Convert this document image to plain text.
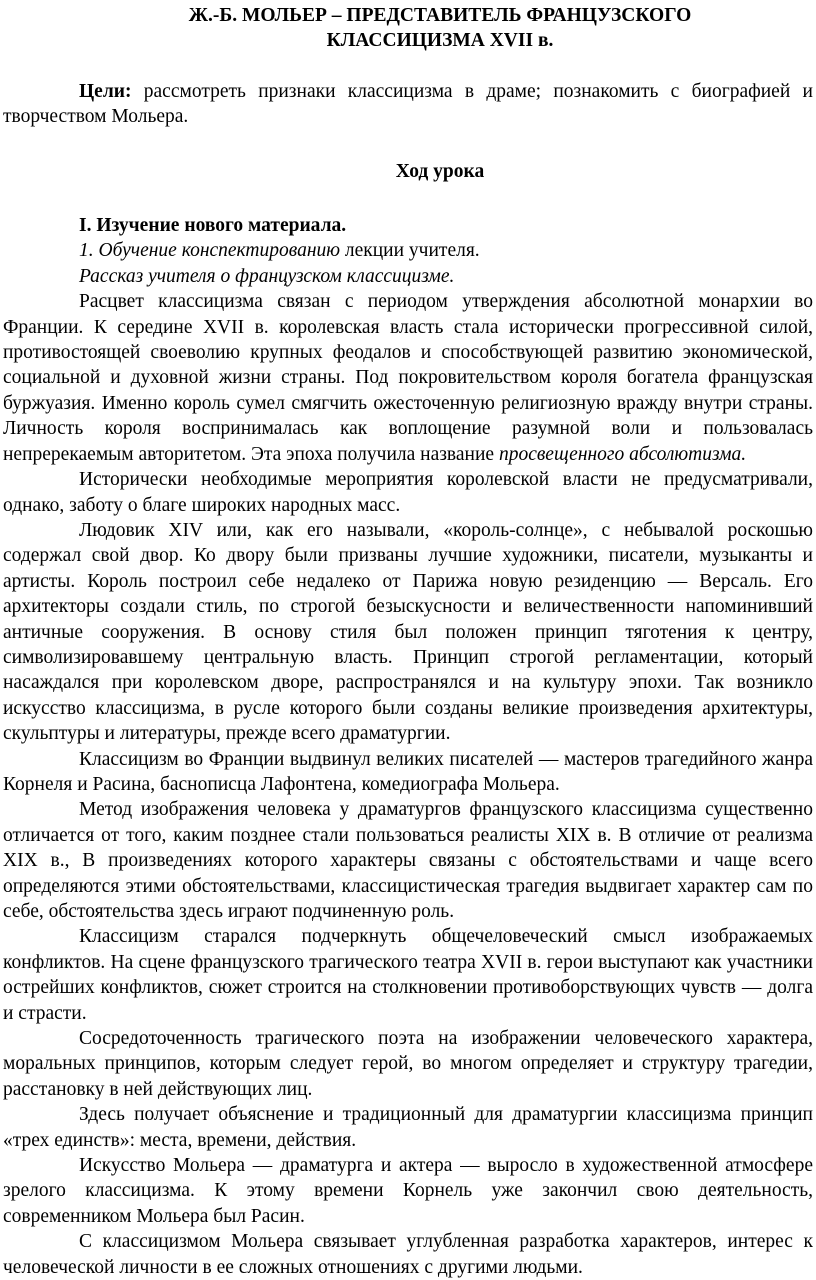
Ж.-Б. МОЛЬЕР – ПРЕДСТАВИТЕЛЬ ФРАНЦУЗСКОГО
КЛАССИЦИЗМА XVII в.

Цели: рассмотреть признаки классицизма в драме; познакомить с биографией и творчеством Мольера.

Ход урока

I. Изучение нового материала.

1. Обучение конспектированию лекции учителя.

Рассказ учителя о французском классицизме.

Расцвет классицизма связан с периодом утверждения абсолютной монархии во Франции. К середине XVII в. королевская власть стала исторически прогрессивной силой, противостоящей своеволию крупных феодалов и способствующей развитию экономической, социальной и духовной жизни страны. Под покровительством короля богатела французская буржуазия. Именно король сумел смягчить ожесточенную религиозную вражду внутри страны. Личность короля воспринималась как воплощение разумной воли и пользовалась непререкаемым авторитетом. Эта эпоха получила название просвещенного абсолютизма.

Исторически необходимые мероприятия королевской власти не предусматривали, однако, заботу о благе широких народных масс.

Людовик XIV или, как его называли, «король-солнце», с небывалой роскошью содержал свой двор. Ко двору были призваны лучшие художники, писатели, музыканты и артисты. Король построил себе недалеко от Парижа новую резиденцию — Версаль. Его архитекторы создали стиль, по строгой безыскусности и величественности напоминивший античные сооружения. В основу стиля был положен принцип тяготения к центру, символизировавшему центральную власть. Принцип строгой регламентации, который насаждался при королевском дворе, распространялся и на культуру эпохи. Так возникло искусство классицизма, в русле которого были созданы великие произведения архитектуры, скульптуры и литературы, прежде всего драматургии.

Классицизм во Франции выдвинул великих писателей — мастеров трагедийного жанра Корнеля и Расина, баснописца Лафонтена, комедиографа Мольера.

Метод изображения человека у драматургов французского классицизма существенно отличается от того, каким позднее стали пользоваться реалисты XIX в. В отличие от реализма XIX в., В произведениях которого характеры связаны с обстоятельствами и чаще всего определяются этими обстоятельствами, классицистическая трагедия выдвигает характер сам по себе, обстоятельства здесь играют подчиненную роль.

Классицизм старался подчеркнуть общечеловеческий смысл изображаемых конфликтов. На сцене французского трагического театра XVII в. герои выступают как участники острейших конфликтов, сюжет строится на столкновении противоборствующих чувств — долга и страсти.

Сосредоточенность трагического поэта на изображении человеческого характера, моральных принципов, которым следует герой, во многом определяет и структуру трагедии, расстановку в ней действующих лиц.

Здесь получает объяснение и традиционный для драматургии классицизма принцип «трех единств»: места, времени, действия.

Искусство Мольера — драматурга и актера — выросло в художественной атмосфере зрелого классицизма. К этому времени Корнель уже закончил свою деятельность, современником Мольера был Расин.

С классицизмом Мольера связывает углубленная разработка характеров, интерес к человеческой личности в ее сложных отношениях с другими людьми.
